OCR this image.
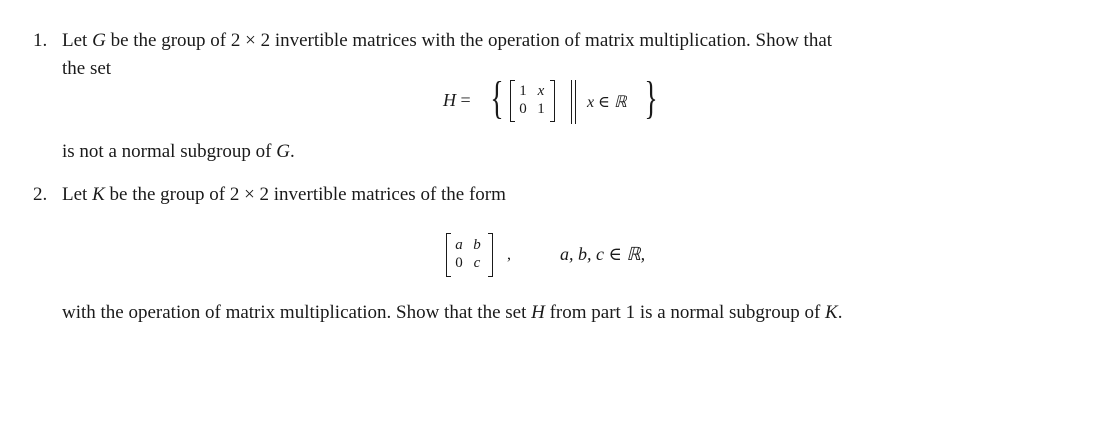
1. Let G be the group of 2 × 2 invertible matrices with the operation of matrix multiplication. Show that
the set
H = {	1 x
0 1	x ∈ ℝ }
is not a normal subgroup of G.
2. Let K be the group of 2 × 2 invertible matrices of the form
a b
0 c	,	a, b, c ∈ ℝ,
with the operation of matrix multiplication. Show that the set H from part 1 is a normal subgroup of K.
